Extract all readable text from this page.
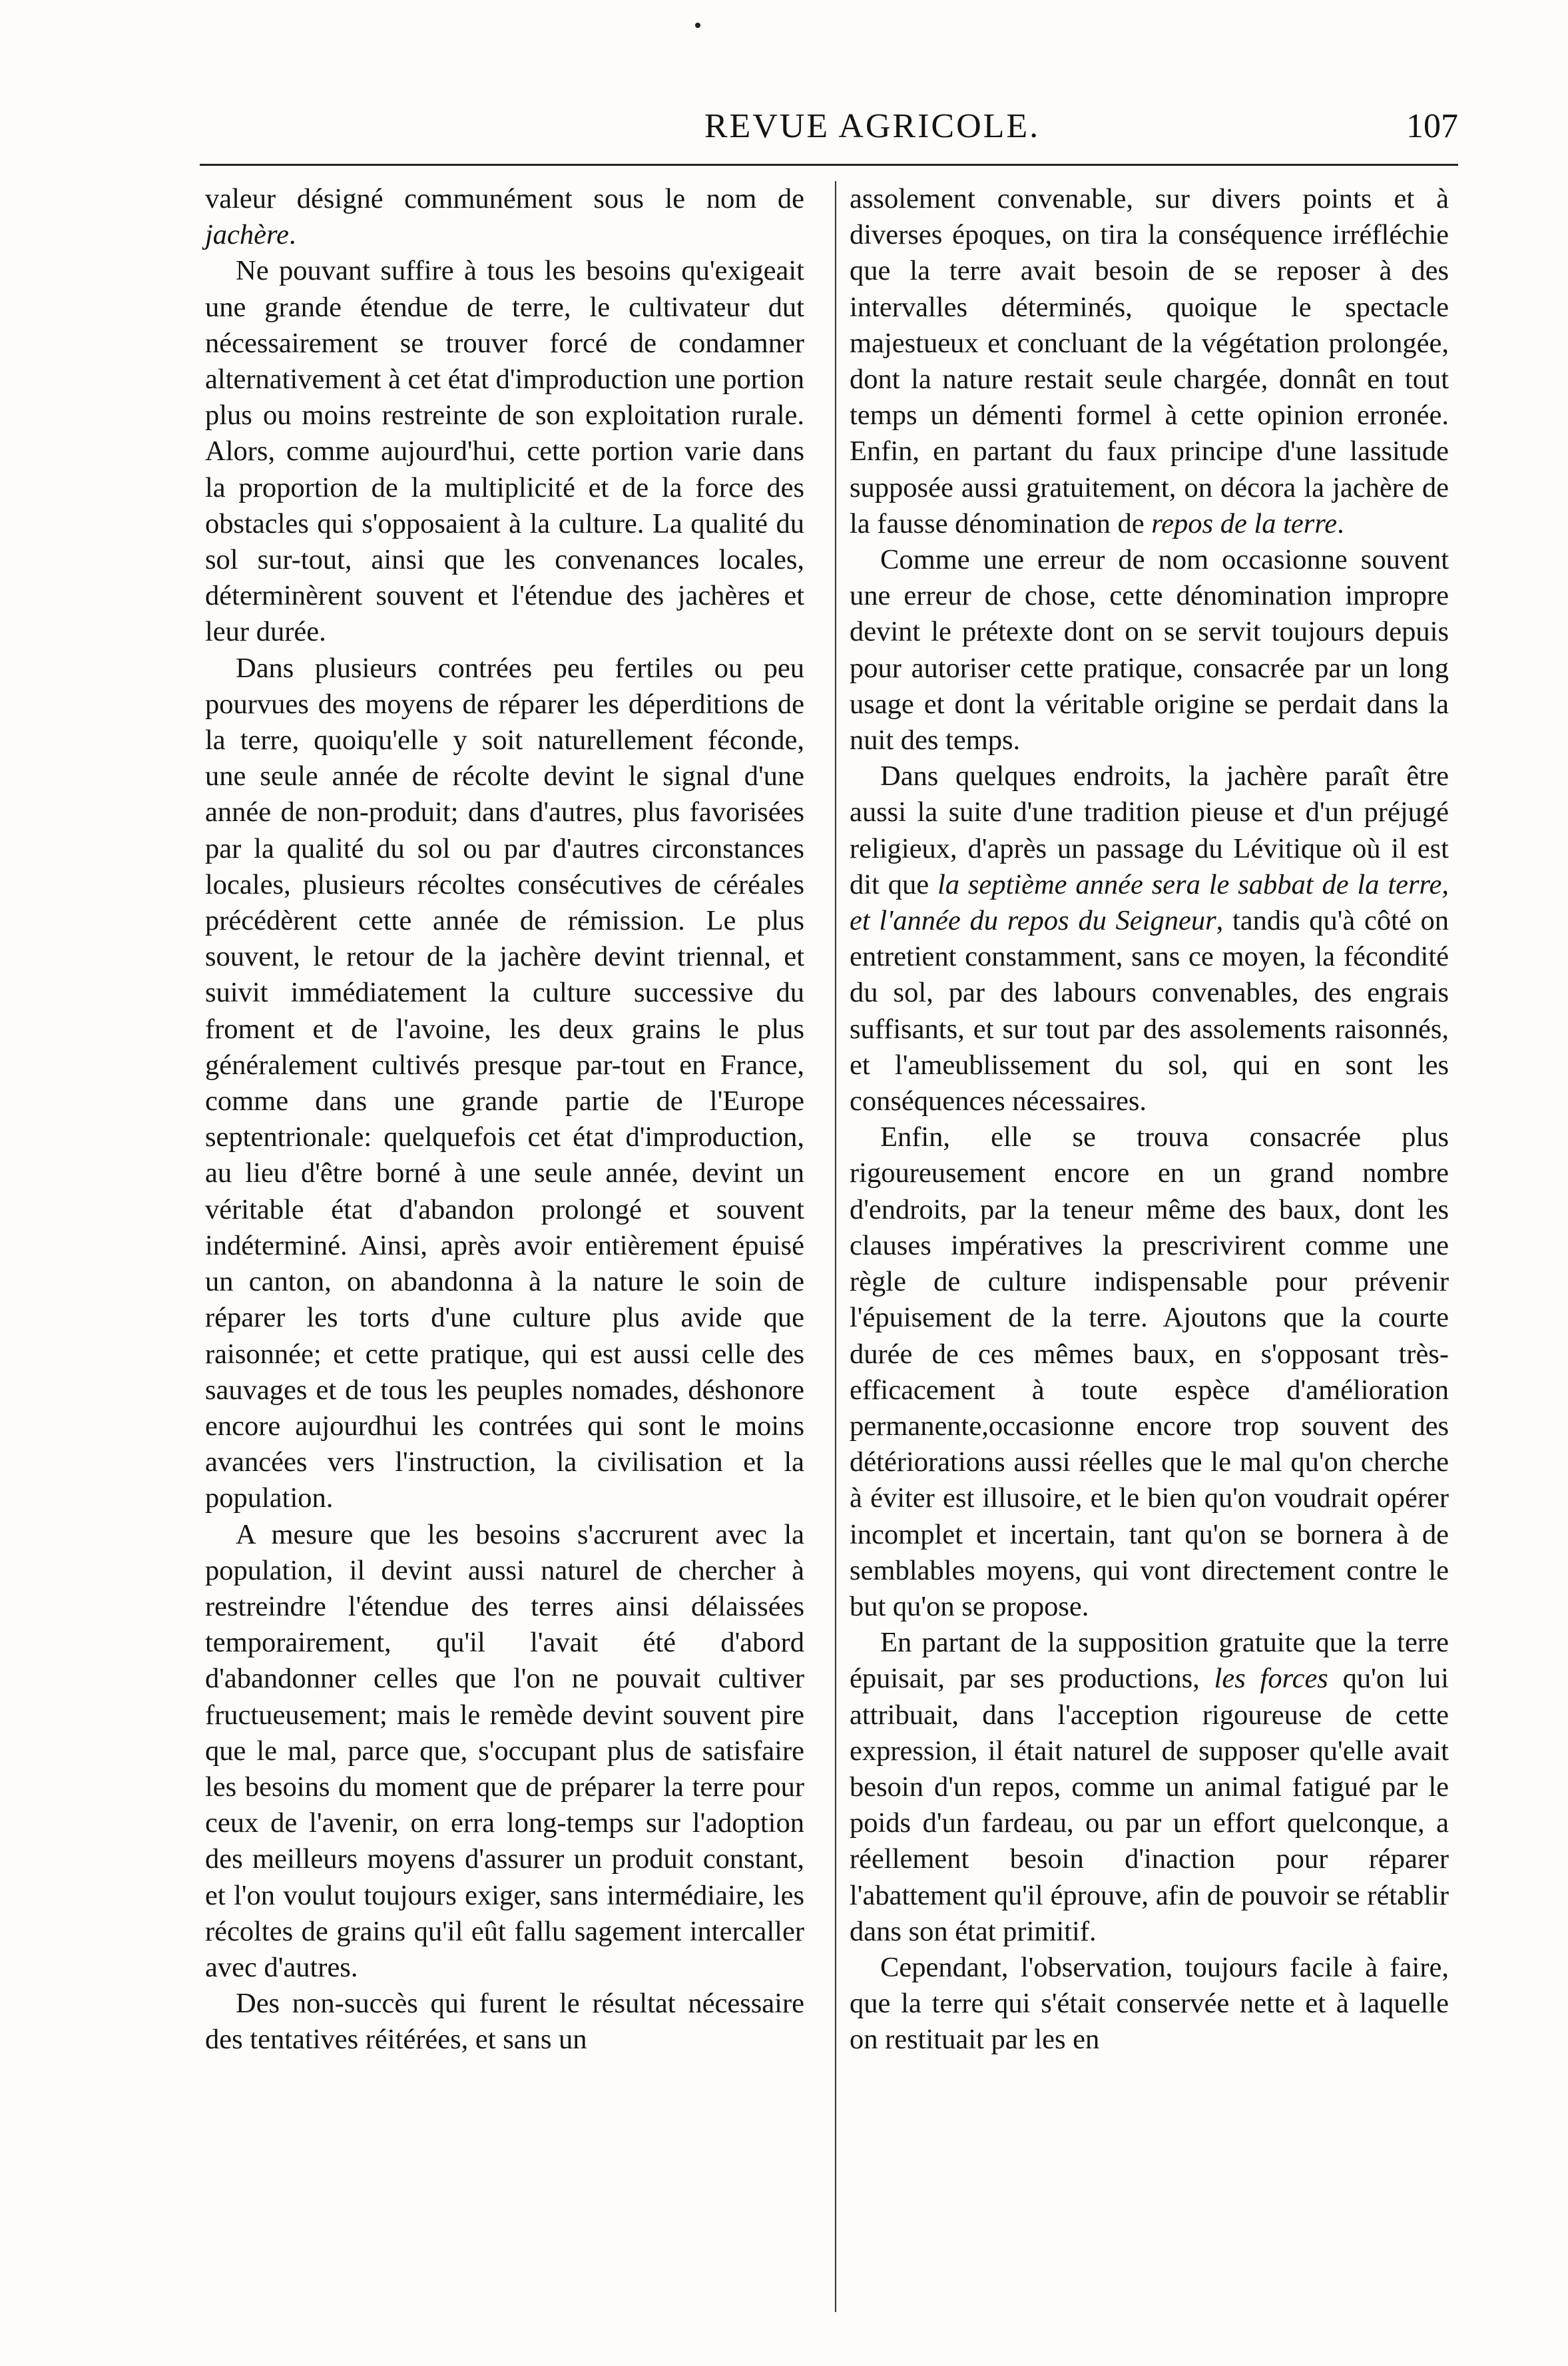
REVUE AGRICOLE.	107

valeur désigné communément sous le nom de jachère.

Ne pouvant suffire à tous les besoins qu'exigeait une grande étendue de terre, le cultivateur dut nécessairement se trouver forcé de condamner alternativement à cet état d'improduction une portion plus ou moins restreinte de son exploitation rurale. Alors, comme aujourd'hui, cette portion varie dans la proportion de la multiplicité et de la force des obstacles qui s'opposaient à la culture. La qualité du sol sur-tout, ainsi que les convenances locales, déterminèrent souvent et l'étendue des jachères et leur durée.

Dans plusieurs contrées peu fertiles ou peu pourvues des moyens de réparer les déperditions de la terre, quoiqu'elle y soit naturellement féconde, une seule année de récolte devint le signal d'une année de non-produit; dans d'autres, plus favorisées par la qualité du sol ou par d'autres circonstances locales, plusieurs récoltes consécutives de céréales précédèrent cette année de rémission. Le plus souvent, le retour de la jachère devint triennal, et suivit immédiatement la culture successive du froment et de l'avoine, les deux grains le plus généralement cultivés presque par-tout en France, comme dans une grande partie de l'Europe septentrionale: quelquefois cet état d'improduction, au lieu d'être borné à une seule année, devint un véritable état d'abandon prolongé et souvent indéterminé. Ainsi, après avoir entièrement épuisé un canton, on abandonna à la nature le soin de réparer les torts d'une culture plus avide que raisonnée; et cette pratique, qui est aussi celle des sauvages et de tous les peuples nomades, déshonore encore aujourdhui les contrées qui sont le moins avancées vers l'instruction, la civilisation et la population.

A mesure que les besoins s'accrurent avec la population, il devint aussi naturel de chercher à restreindre l'étendue des terres ainsi délaissées temporairement, qu'il l'avait été d'abord d'abandonner celles que l'on ne pouvait cultiver fructueusement; mais le remède devint souvent pire que le mal, parce que, s'occupant plus de satisfaire les besoins du moment que de préparer la terre pour ceux de l'avenir, on erra long-temps sur l'adoption des meilleurs moyens d'assurer un produit constant, et l'on voulut toujours exiger, sans intermédiaire, les récoltes de grains qu'il eût fallu sagement intercaller avec d'autres.

Des non-succès qui furent le résultat nécessaire des tentatives réitérées, et sans un

assolement convenable, sur divers points et à diverses époques, on tira la conséquence irréfléchie que la terre avait besoin de se reposer à des intervalles déterminés, quoique le spectacle majestueux et concluant de la végétation prolongée, dont la nature restait seule chargée, donnât en tout temps un démenti formel à cette opinion erronée. Enfin, en partant du faux principe d'une lassitude supposée aussi gratuitement, on décora la jachère de la fausse dénomination de repos de la terre.

Comme une erreur de nom occasionne souvent une erreur de chose, cette dénomination impropre devint le prétexte dont on se servit toujours depuis pour autoriser cette pratique, consacrée par un long usage et dont la véritable origine se perdait dans la nuit des temps.

Dans quelques endroits, la jachère paraît être aussi la suite d'une tradition pieuse et d'un préjugé religieux, d'après un passage du Lévitique où il est dit que la septième année sera le sabbat de la terre, et l'année du repos du Seigneur, tandis qu'à côté on entretient constamment, sans ce moyen, la fécondité du sol, par des labours convenables, des engrais suffisants, et sur tout par des assolements raisonnés, et l'ameublissement du sol, qui en sont les conséquences nécessaires.

Enfin, elle se trouva consacrée plus rigoureusement encore en un grand nombre d'endroits, par la teneur même des baux, dont les clauses impératives la prescrivirent comme une règle de culture indispensable pour prévenir l'épuisement de la terre. Ajoutons que la courte durée de ces mêmes baux, en s'opposant très-efficacement à toute espèce d'amélioration permanente,occasionne encore trop souvent des détériorations aussi réelles que le mal qu'on cherche à éviter est illusoire, et le bien qu'on voudrait opérer incomplet et incertain, tant qu'on se bornera à de semblables moyens, qui vont directement contre le but qu'on se propose.

En partant de la supposition gratuite que la terre épuisait, par ses productions, les forces qu'on lui attribuait, dans l'acception rigoureuse de cette expression, il était naturel de supposer qu'elle avait besoin d'un repos, comme un animal fatigué par le poids d'un fardeau, ou par un effort quelconque, a réellement besoin d'inaction pour réparer l'abattement qu'il éprouve, afin de pouvoir se rétablir dans son état primitif.

Cependant, l'observation, toujours facile à faire, que la terre qui s'était conservée nette et à laquelle on restituait par les en
